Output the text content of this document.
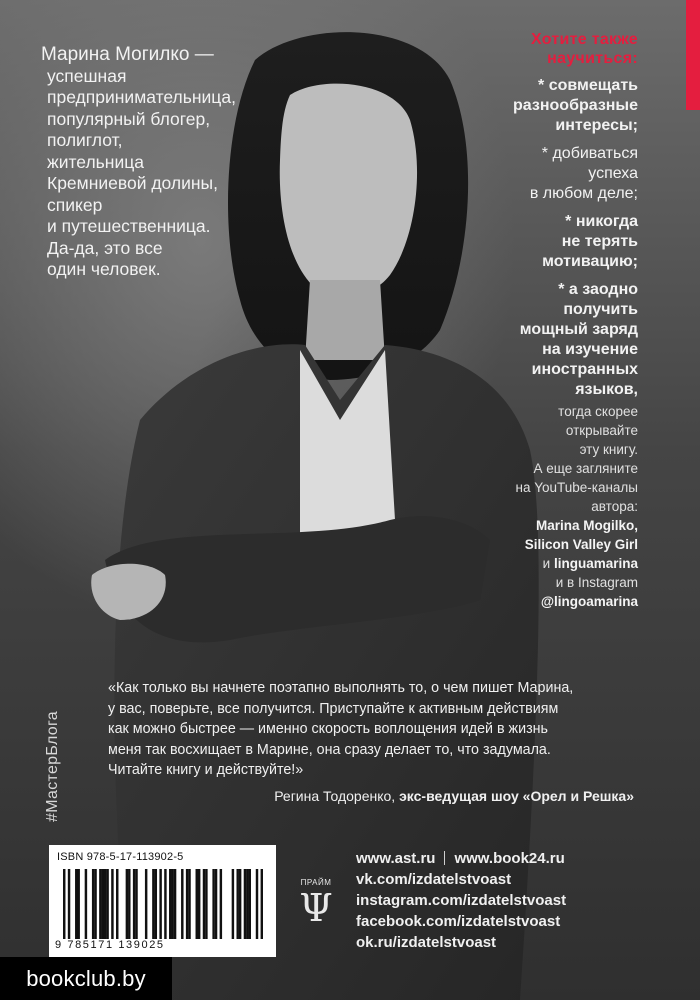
Марина Могилко —
успешная
предпринимательница,
популярный блогер,
полиглот,
жительница
Кремниевой долины,
спикер
и путешественница.
Да-да, это все
один человек.
Хотите также
научиться:
* совмещать
разнообразные
интересы;
* добиваться
успеха
в любом деле;
* никогда
не терять
мотивацию;
* а заодно
получить
мощный заряд
на изучение
иностранных
языков,
тогда скорее
открывайте
эту книгу.
А еще загляните
на YouTube-каналы
автора:
Marina Mogilko,
Silicon Valley Girl
и linguamarina
и в Instagram
@lingoamarina
#МастерБлога
«Как только вы начнете поэтапно выполнять то, о чем пишет Марина,
у вас, поверьте, все получится. Приступайте к активным действиям
как можно быстрее — именно скорость воплощения идей в жизнь
меня так восхищает в Марине, она сразу делает то, что задумала.
Читайте книгу и действуйте!»
Регина Тодоренко, экс-ведущая шоу «Орел и Решка»
ISBN 978-5-17-113902-5
9 785171 139025
ПРАЙМ
Ψ
www.ast.ru www.book24.ru
vk.com/izdatelstvoast
instagram.com/izdatelstvoast
facebook.com/izdatelstvoast
ok.ru/izdatelstvoast
bookclub.by
